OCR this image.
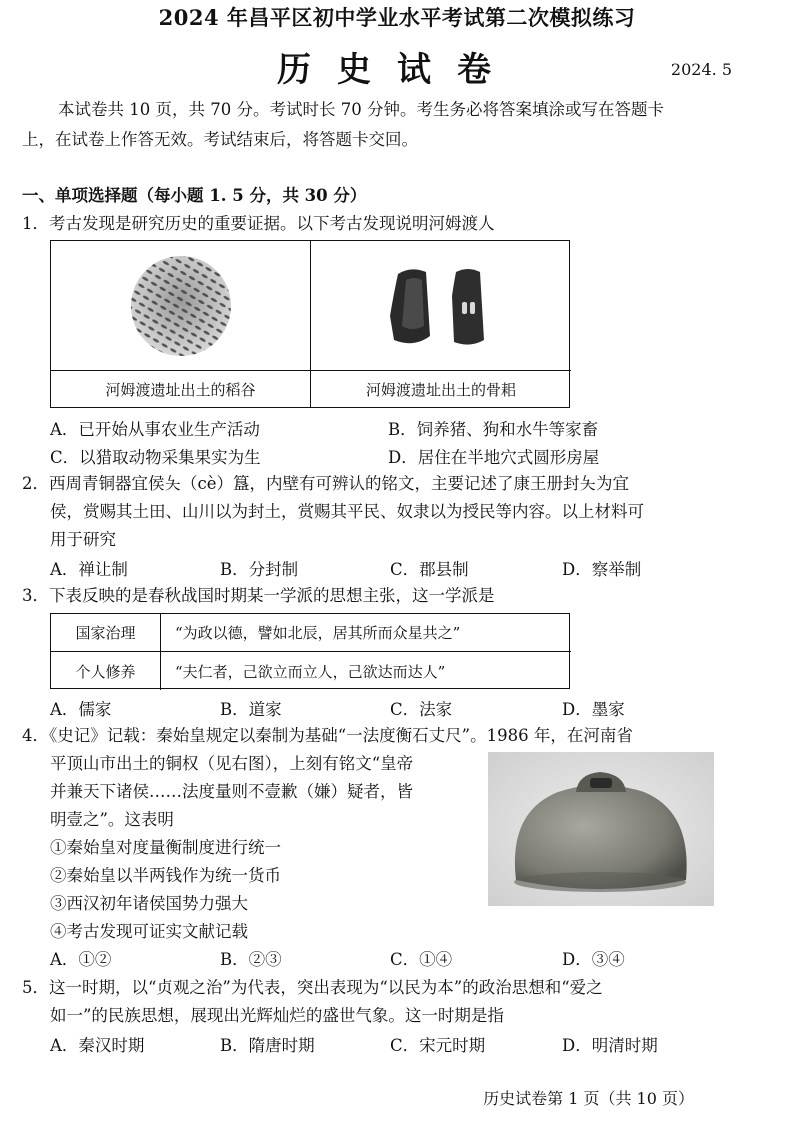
2024 年昌平区初中学业水平考试第二次模拟练习
历史试卷	2024. 5
本试卷共 10 页，共 70 分。考试时长 70 分钟。考生务必将答案填涂或写在答题卡
上，在试卷上作答无效。考试结束后，将答题卡交回。
一、单项选择题（每小题 1. 5 分，共 30 分）
1．考古发现是研究历史的重要证据。以下考古发现说明河姆渡人
河姆渡遗址出土的稻谷	河姆渡遗址出土的骨耜
A．已开始从事农业生产活动	B．饲养猪、狗和水牛等家畜
C．以猎取动物采集果实为生	D．居住在半地穴式圆形房屋
2．西周青铜器宜侯夨（cè）簋，内壁有可辨认的铭文，主要记述了康王册封夨为宜
侯，赏赐其土田、山川以为封土，赏赐其平民、奴隶以为授民等内容。以上材料可
用于研究
A．禅让制	B．分封制	C．郡县制	D．察举制
3．下表反映的是春秋战国时期某一学派的思想主张，这一学派是
国家治理	“为政以德，譬如北辰，居其所而众星共之”
个人修养	“夫仁者，己欲立而立人，己欲达而达人”
A．儒家	B．道家	C．法家	D．墨家
4．《史记》记载：秦始皇规定以秦制为基础“一法度衡石丈尺”。1986 年，在河南省
平顶山市出土的铜权（见右图），上刻有铭文“皇帝
并兼天下诸侯……法度量则不壹歉（嫌）疑者，皆
明壹之”。这表明
①秦始皇对度量衡制度进行统一
②秦始皇以半两钱作为统一货币
③西汉初年诸侯国势力强大
④考古发现可证实文献记载
A．①②	B．②③	C．①④	D．③④
5．这一时期，以“贞观之治”为代表，突出表现为“以民为本”的政治思想和“爱之
如一”的民族思想，展现出光辉灿烂的盛世气象。这一时期是指
A．秦汉时期	B．隋唐时期	C．宋元时期	D．明清时期
历史试卷第 1 页（共 10 页）
